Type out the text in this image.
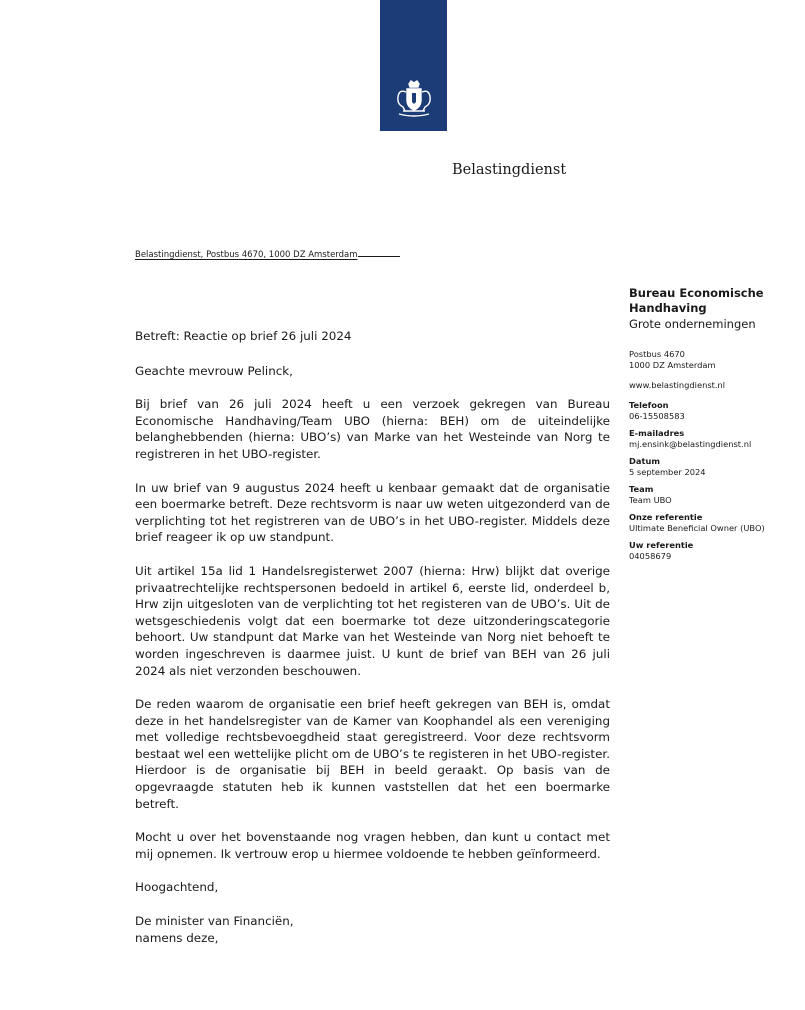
Belastingdienst
Belastingdienst, Postbus 4670, 1000 DZ Amsterdam
Bureau Economische
Handhaving
Grote ondernemingen
Postbus 4670
1000 DZ Amsterdam
www.belastingdienst.nl
Telefoon
06-15508583
E-mailadres
mj.ensink@belastingdienst.nl
Datum
5 september 2024
Team
Team UBO
Onze referentie
Ultimate Beneficial Owner (UBO)
Uw referentie
04058679

Betreft: Reactie op brief 26 juli 2024

Geachte mevrouw Pelinck,

Bij brief van 26 juli 2024 heeft u een verzoek gekregen van Bureau Economische Handhaving/Team UBO (hierna: BEH) om de uiteindelijke belanghebbenden (hierna: UBO’s) van Marke van het Westeinde van Norg te registreren in het UBO-register.

In uw brief van 9 augustus 2024 heeft u kenbaar gemaakt dat de organisatie een boermarke betreft. Deze rechtsvorm is naar uw weten uitgezonderd van de verplichting tot het registreren van de UBO’s in het UBO-register. Middels deze brief reageer ik op uw standpunt.

Uit artikel 15a lid 1 Handelsregisterwet 2007 (hierna: Hrw) blijkt dat overige privaatrechtelijke rechtspersonen bedoeld in artikel 6, eerste lid, onderdeel b, Hrw zijn uitgesloten van de verplichting tot het registeren van de UBO’s. Uit de wetsgeschiedenis volgt dat een boermarke tot deze uitzonderingscategorie behoort. Uw standpunt dat Marke van het Westeinde van Norg niet behoeft te worden ingeschreven is daarmee juist. U kunt de brief van BEH van 26 juli 2024 als niet verzonden beschouwen.

De reden waarom de organisatie een brief heeft gekregen van BEH is, omdat deze in het handelsregister van de Kamer van Koophandel als een vereniging met volledige rechtsbevoegdheid staat geregistreerd. Voor deze rechtsvorm bestaat wel een wettelijke plicht om de UBO’s te registeren in het UBO-register. Hierdoor is de organisatie bij BEH in beeld geraakt. Op basis van de opgevraagde statuten heb ik kunnen vaststellen dat het een boermarke betreft.

Mocht u over het bovenstaande nog vragen hebben, dan kunt u contact met mij opnemen. Ik vertrouw erop u hiermee voldoende te hebben geïnformeerd.

Hoogachtend,

De minister van Financiën,

namens deze,
